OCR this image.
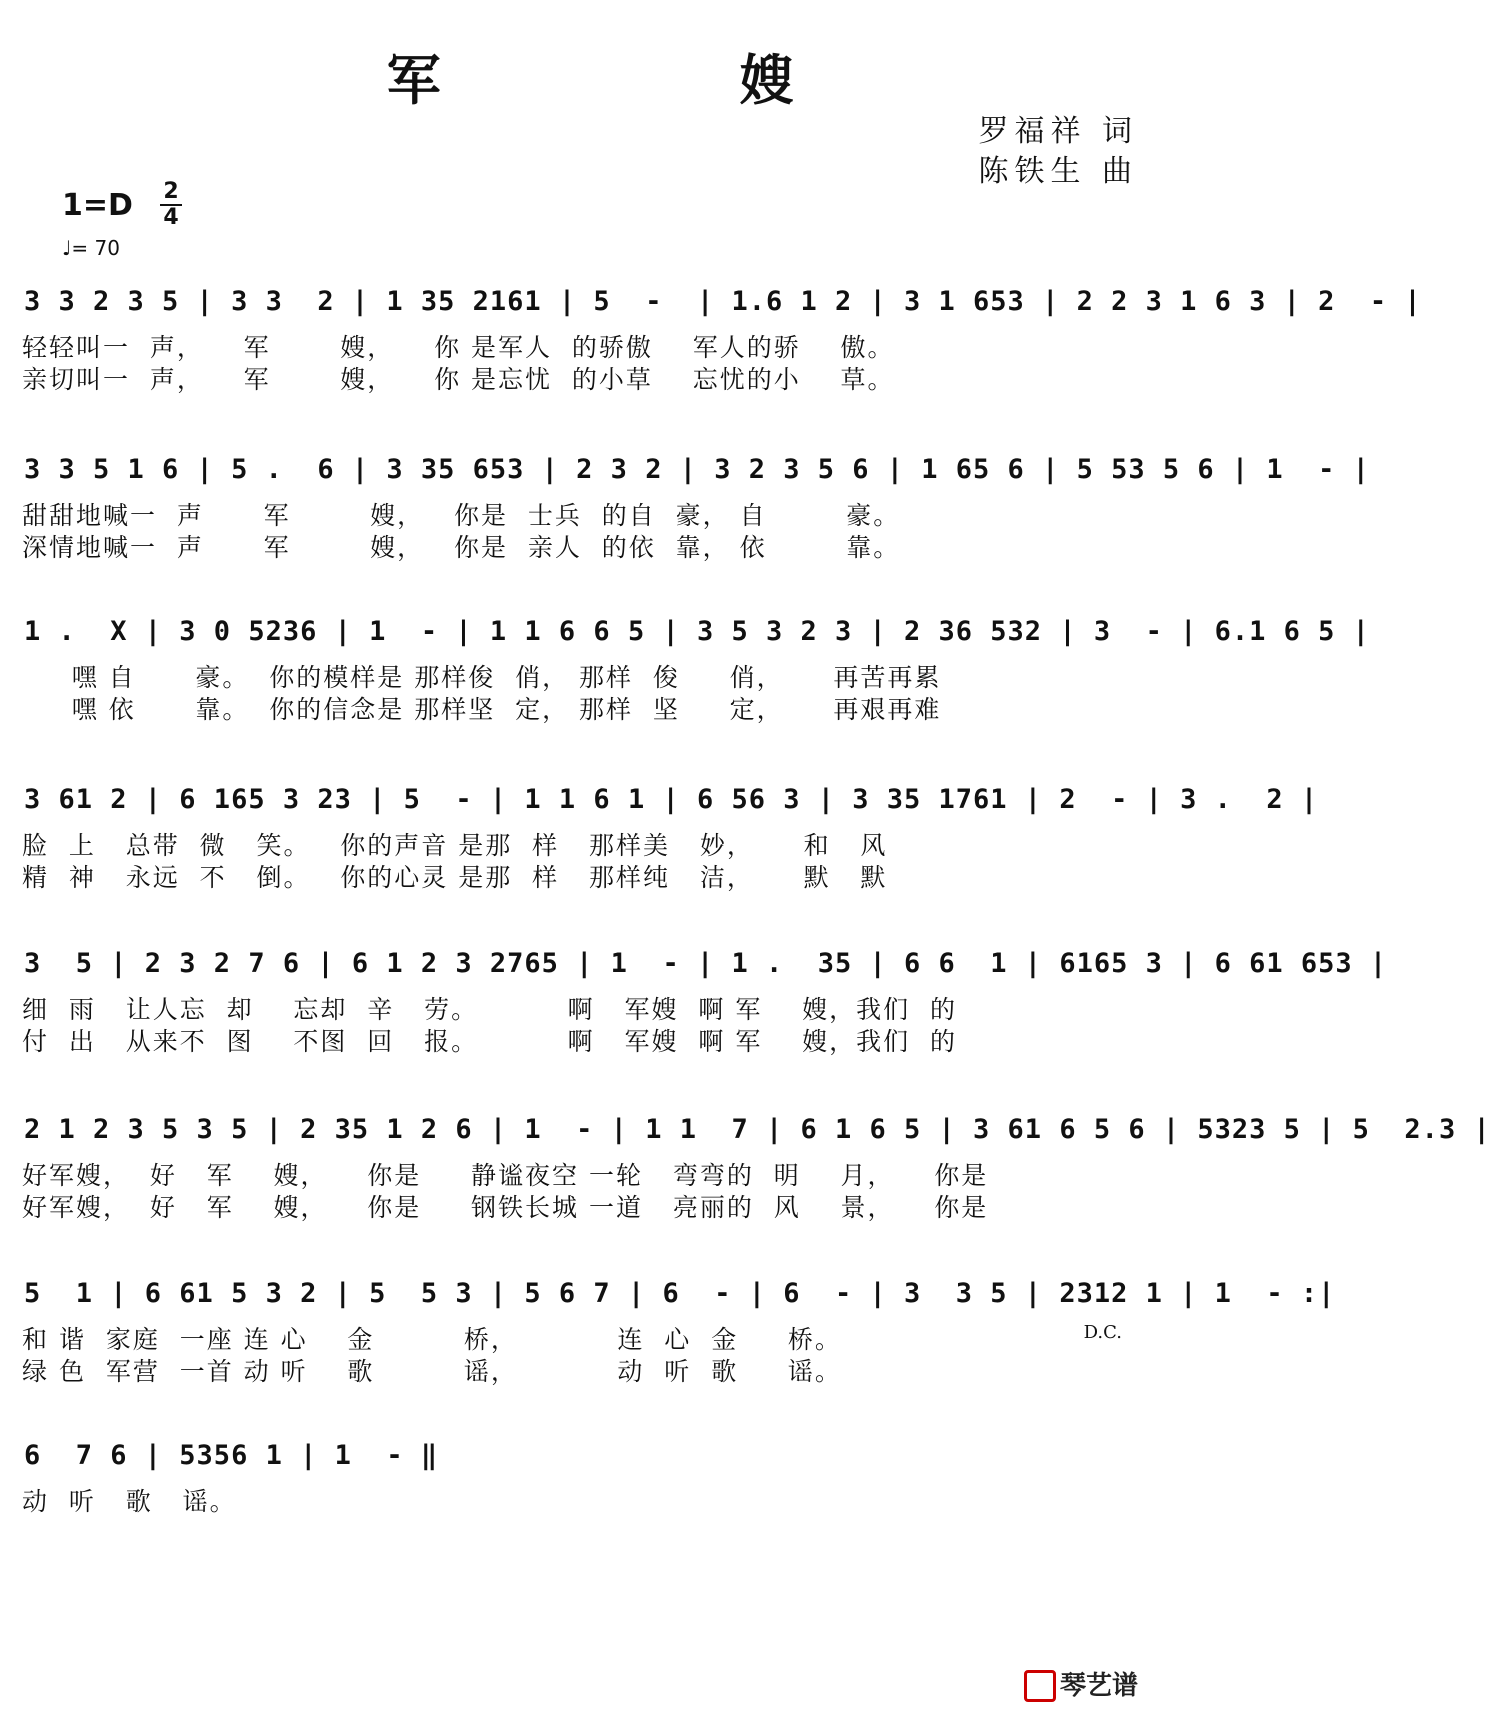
军 嫂
罗福祥 词
陈铁生 曲
1=D 2
4
♩= 70
3 3 2 3 5 | 3 3  2 | 1 35 2161 | 5  -  | 1.6 1 2 | 3 1 653 | 2 2 3 1 6 3 | 2  - |
轻轻叫一  声，    军       嫂，    你 是军人  的骄傲    军人的骄    傲。
亲切叫一  声，    军       嫂，    你 是忘忧  的小草    忘忧的小    草。
3 3 5 1 6 | 5 .  6 | 3 35 653 | 2 3 2 | 3 2 3 5 6 | 1 65 6 | 5 53 5 6 | 1  - |
甜甜地喊一  声      军        嫂，   你是  士兵  的自  豪， 自        豪。
深情地喊一  声      军        嫂，   你是  亲人  的依  靠， 依        靠。
1 .  X | 3 0 5236 | 1  - | 1 1 6 6 5 | 3 5 3 2 3 | 2 36 532 | 3  - | 6.1 6 5 |
嘿 自      豪。  你的模样是 那样俊  俏， 那样  俊     俏，     再苦再累
嘿 依      靠。  你的信念是 那样坚  定， 那样  坚     定，     再艰再难
3 61 2 | 6 165 3 23 | 5  - | 1 1 6 1 | 6 56 3 | 3 35 1761 | 2  - | 3 .  2 |
脸  上   总带  微   笑。   你的声音 是那  样   那样美   妙，     和   风
精  神   永远  不   倒。   你的心灵 是那  样   那样纯   洁，     默   默
3  5 | 2 3 2 7 6 | 6 1 2 3 2765 | 1  - | 1 .  35 | 6 6  1 | 6165 3 | 6 61 653 |
细  雨   让人忘  却    忘却  辛   劳。         啊   军嫂  啊 军    嫂，我们  的
付  出   从来不  图    不图  回   报。         啊   军嫂  啊 军    嫂，我们  的
2 1 2 3 5 3 5 | 2 35 1 2 6 | 1  - | 1 1  7 | 6 1 6 5 | 3 61 6 5 6 | 5323 5 | 5  2.3 |
好军嫂，  好   军    嫂，    你是     静谧夜空 一轮   弯弯的  明    月，    你是
好军嫂，  好   军    嫂，    你是     钢铁长城 一道   亮丽的  风    景，    你是
5  1 | 6 61 5 3 2 | 5  5 3 | 5 6 7 | 6  - | 6  - | 3  3 5 | 2312 1 | 1  - :|
和 谐  家庭  一座 连 心    金         桥，          连  心  金     桥。
绿 色  军营  一首 动 听    歌         谣，          动  听  歌     谣。
D.C.
6  7 6 | 5356 1 | 1  - ‖
动  听   歌   谣。
琴艺谱
